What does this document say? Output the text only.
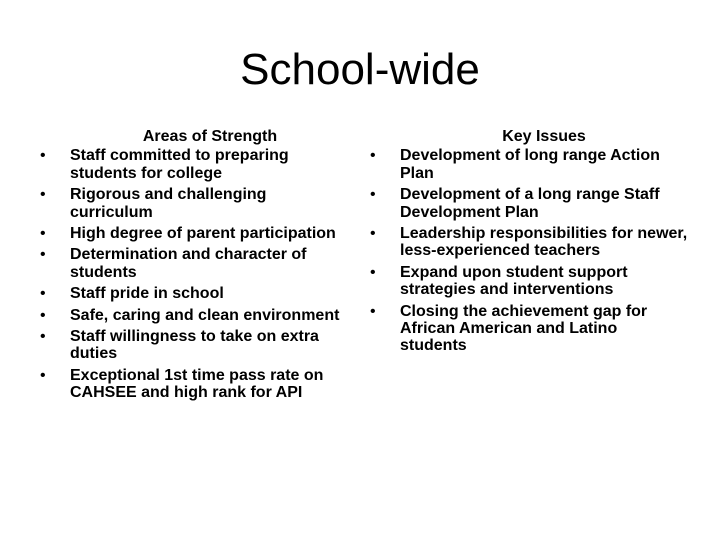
School-wide
Areas of Strength
• Staff committed to preparing students for college
• Rigorous and challenging curriculum
• High degree of parent participation
• Determination and character of students
• Staff pride in school
• Safe, caring and clean environment
• Staff willingness to take on extra duties
• Exceptional 1st time pass rate on CAHSEE and high rank for API
Key Issues
• Development of long range Action Plan
• Development of a long range Staff Development Plan
• Leadership responsibilities for newer, less-experienced teachers
• Expand upon student support strategies and interventions
• Closing the achievement gap for African American and Latino students
